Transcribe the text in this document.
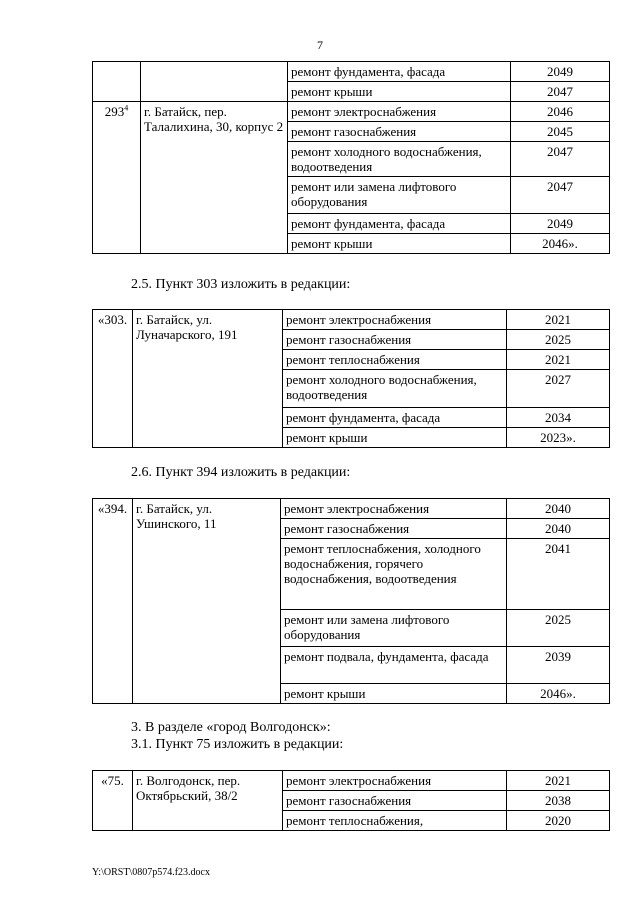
7
		ремонт фундамента, фасада	2049
		ремонт крыши	2047
$293^4$	г. Батайск, пер. Талалихина, 30, корпус 2	ремонт электроснабжения	2046
		ремонт газоснабжения	2045
		ремонт холодного водоснабжения, водоотведения	2047
		ремонт или замена лифтового оборудования	2047
		ремонт фундамента, фасада	2049
		ремонт крыши	2046».
2.5. Пункт 303 изложить в редакции:
«303.	г. Батайск, ул. Луначарского, 191	ремонт электроснабжения	2021
		ремонт газоснабжения	2025
		ремонт теплоснабжения	2021
		ремонт холодного водоснабжения, водоотведения	2027
		ремонт фундамента, фасада	2034
		ремонт крыши	2023».
2.6. Пункт 394 изложить в редакции:
«394.	г. Батайск, ул. Ушинского, 11	ремонт электроснабжения	2040
		ремонт газоснабжения	2040
		ремонт теплоснабжения, холодного водоснабжения, горячего водоснабжения, водоотведения	2041
		ремонт или замена лифтового оборудования	2025
		ремонт подвала, фундамента, фасада	2039
		ремонт крыши	2046».
3. В разделе «город Волгодонск»:
3.1. Пункт 75 изложить в редакции:
«75.	г. Волгодонск, пер. Октябрьский, 38/2	ремонт электроснабжения	2021
		ремонт газоснабжения	2038
		ремонт теплоснабжения,	2020
Y:\ORST\0807p574.f23.docx
